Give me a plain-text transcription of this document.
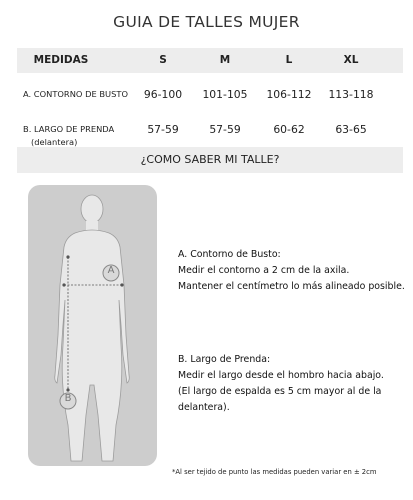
GUIA DE TALLES MUJER
MEDIDAS	S	M	L	XL
A. CONTORNO DE BUSTO	96-100	101-105	106-112	113-118
B. LARGO DE PRENDA
(delantera)
57-59	57-59	60-62	63-65
¿COMO SABER MI TALLE?
A
B
A. Contorno de Busto:
Medir el contorno a 2 cm de la axila.
Mantener el centímetro lo más alineado posible.
B. Largo de Prenda:
Medir el largo desde el hombro hacia abajo.
(El largo de espalda es 5 cm mayor al de la
delantera).
*Al ser tejido de punto las medidas pueden variar en ± 2cm
